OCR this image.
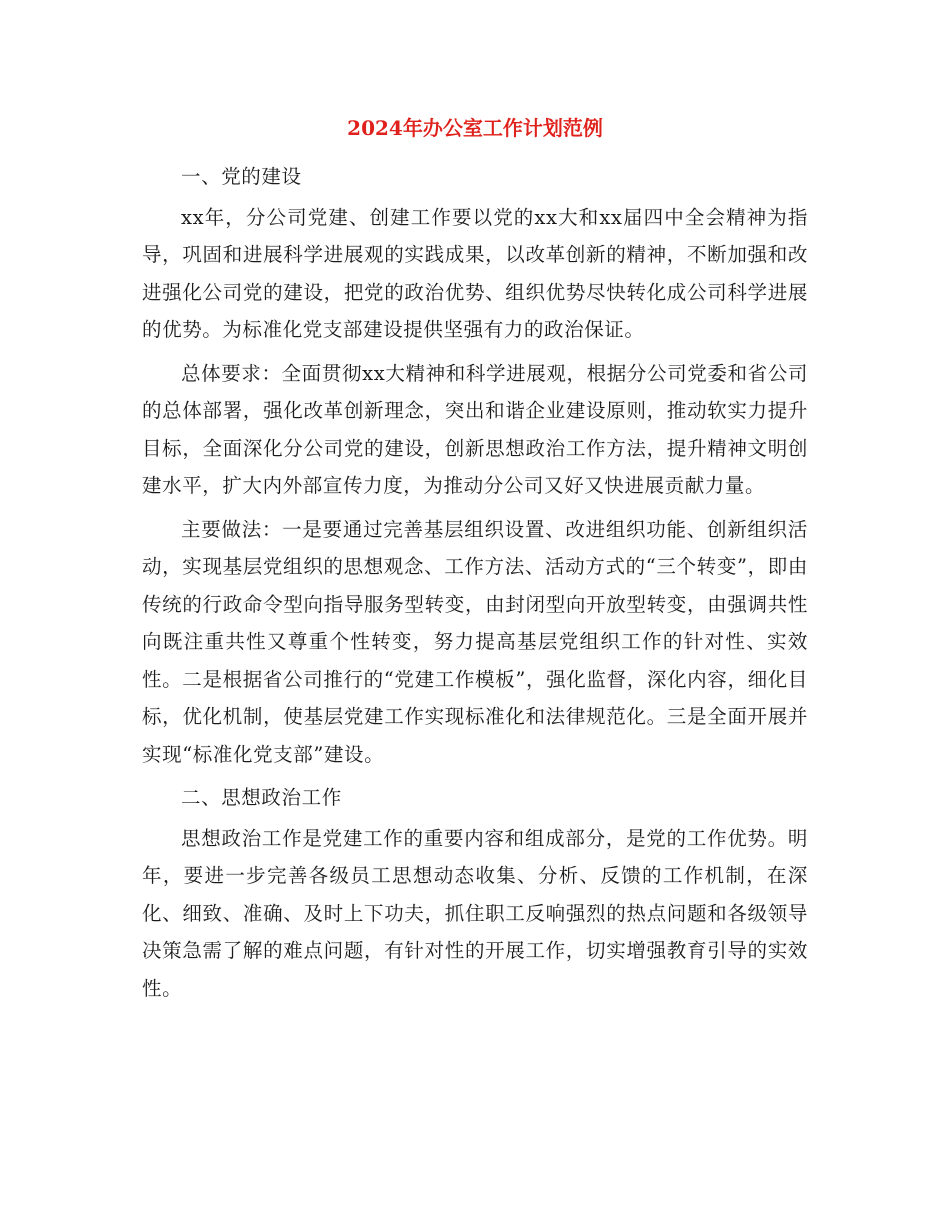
2024年办公室工作计划范例

一、党的建设

xx年，分公司党建、创建工作要以党的xx大和xx届四中全会精神为指导，巩固和进展科学进展观的实践成果，以改革创新的精神，不断加强和改进强化公司党的建设，把党的政治优势、组织优势尽快转化成公司科学进展的优势。为标准化党支部建设提供坚强有力的政治保证。

总体要求：全面贯彻xx大精神和科学进展观，根据分公司党委和省公司的总体部署，强化改革创新理念，突出和谐企业建设原则，推动软实力提升目标，全面深化分公司党的建设，创新思想政治工作方法，提升精神文明创建水平，扩大内外部宣传力度，为推动分公司又好又快进展贡献力量。

主要做法：一是要通过完善基层组织设置、改进组织功能、创新组织活动，实现基层党组织的思想观念、工作方法、活动方式的“三个转变”，即由传统的行政命令型向指导服务型转变，由封闭型向开放型转变，由强调共性向既注重共性又尊重个性转变，努力提高基层党组织工作的针对性、实效性。二是根据省公司推行的“党建工作模板”，强化监督，深化内容，细化目标，优化机制，使基层党建工作实现标准化和法律规范化。三是全面开展并实现“标准化党支部”建设。

二、思想政治工作

思想政治工作是党建工作的重要内容和组成部分，是党的工作优势。明年，要进一步完善各级员工思想动态收集、分析、反馈的工作机制，在深化、细致、准确、及时上下功夫，抓住职工反响强烈的热点问题和各级领导决策急需了解的难点问题，有针对性的开展工作，切实增强教育引导的实效性。
